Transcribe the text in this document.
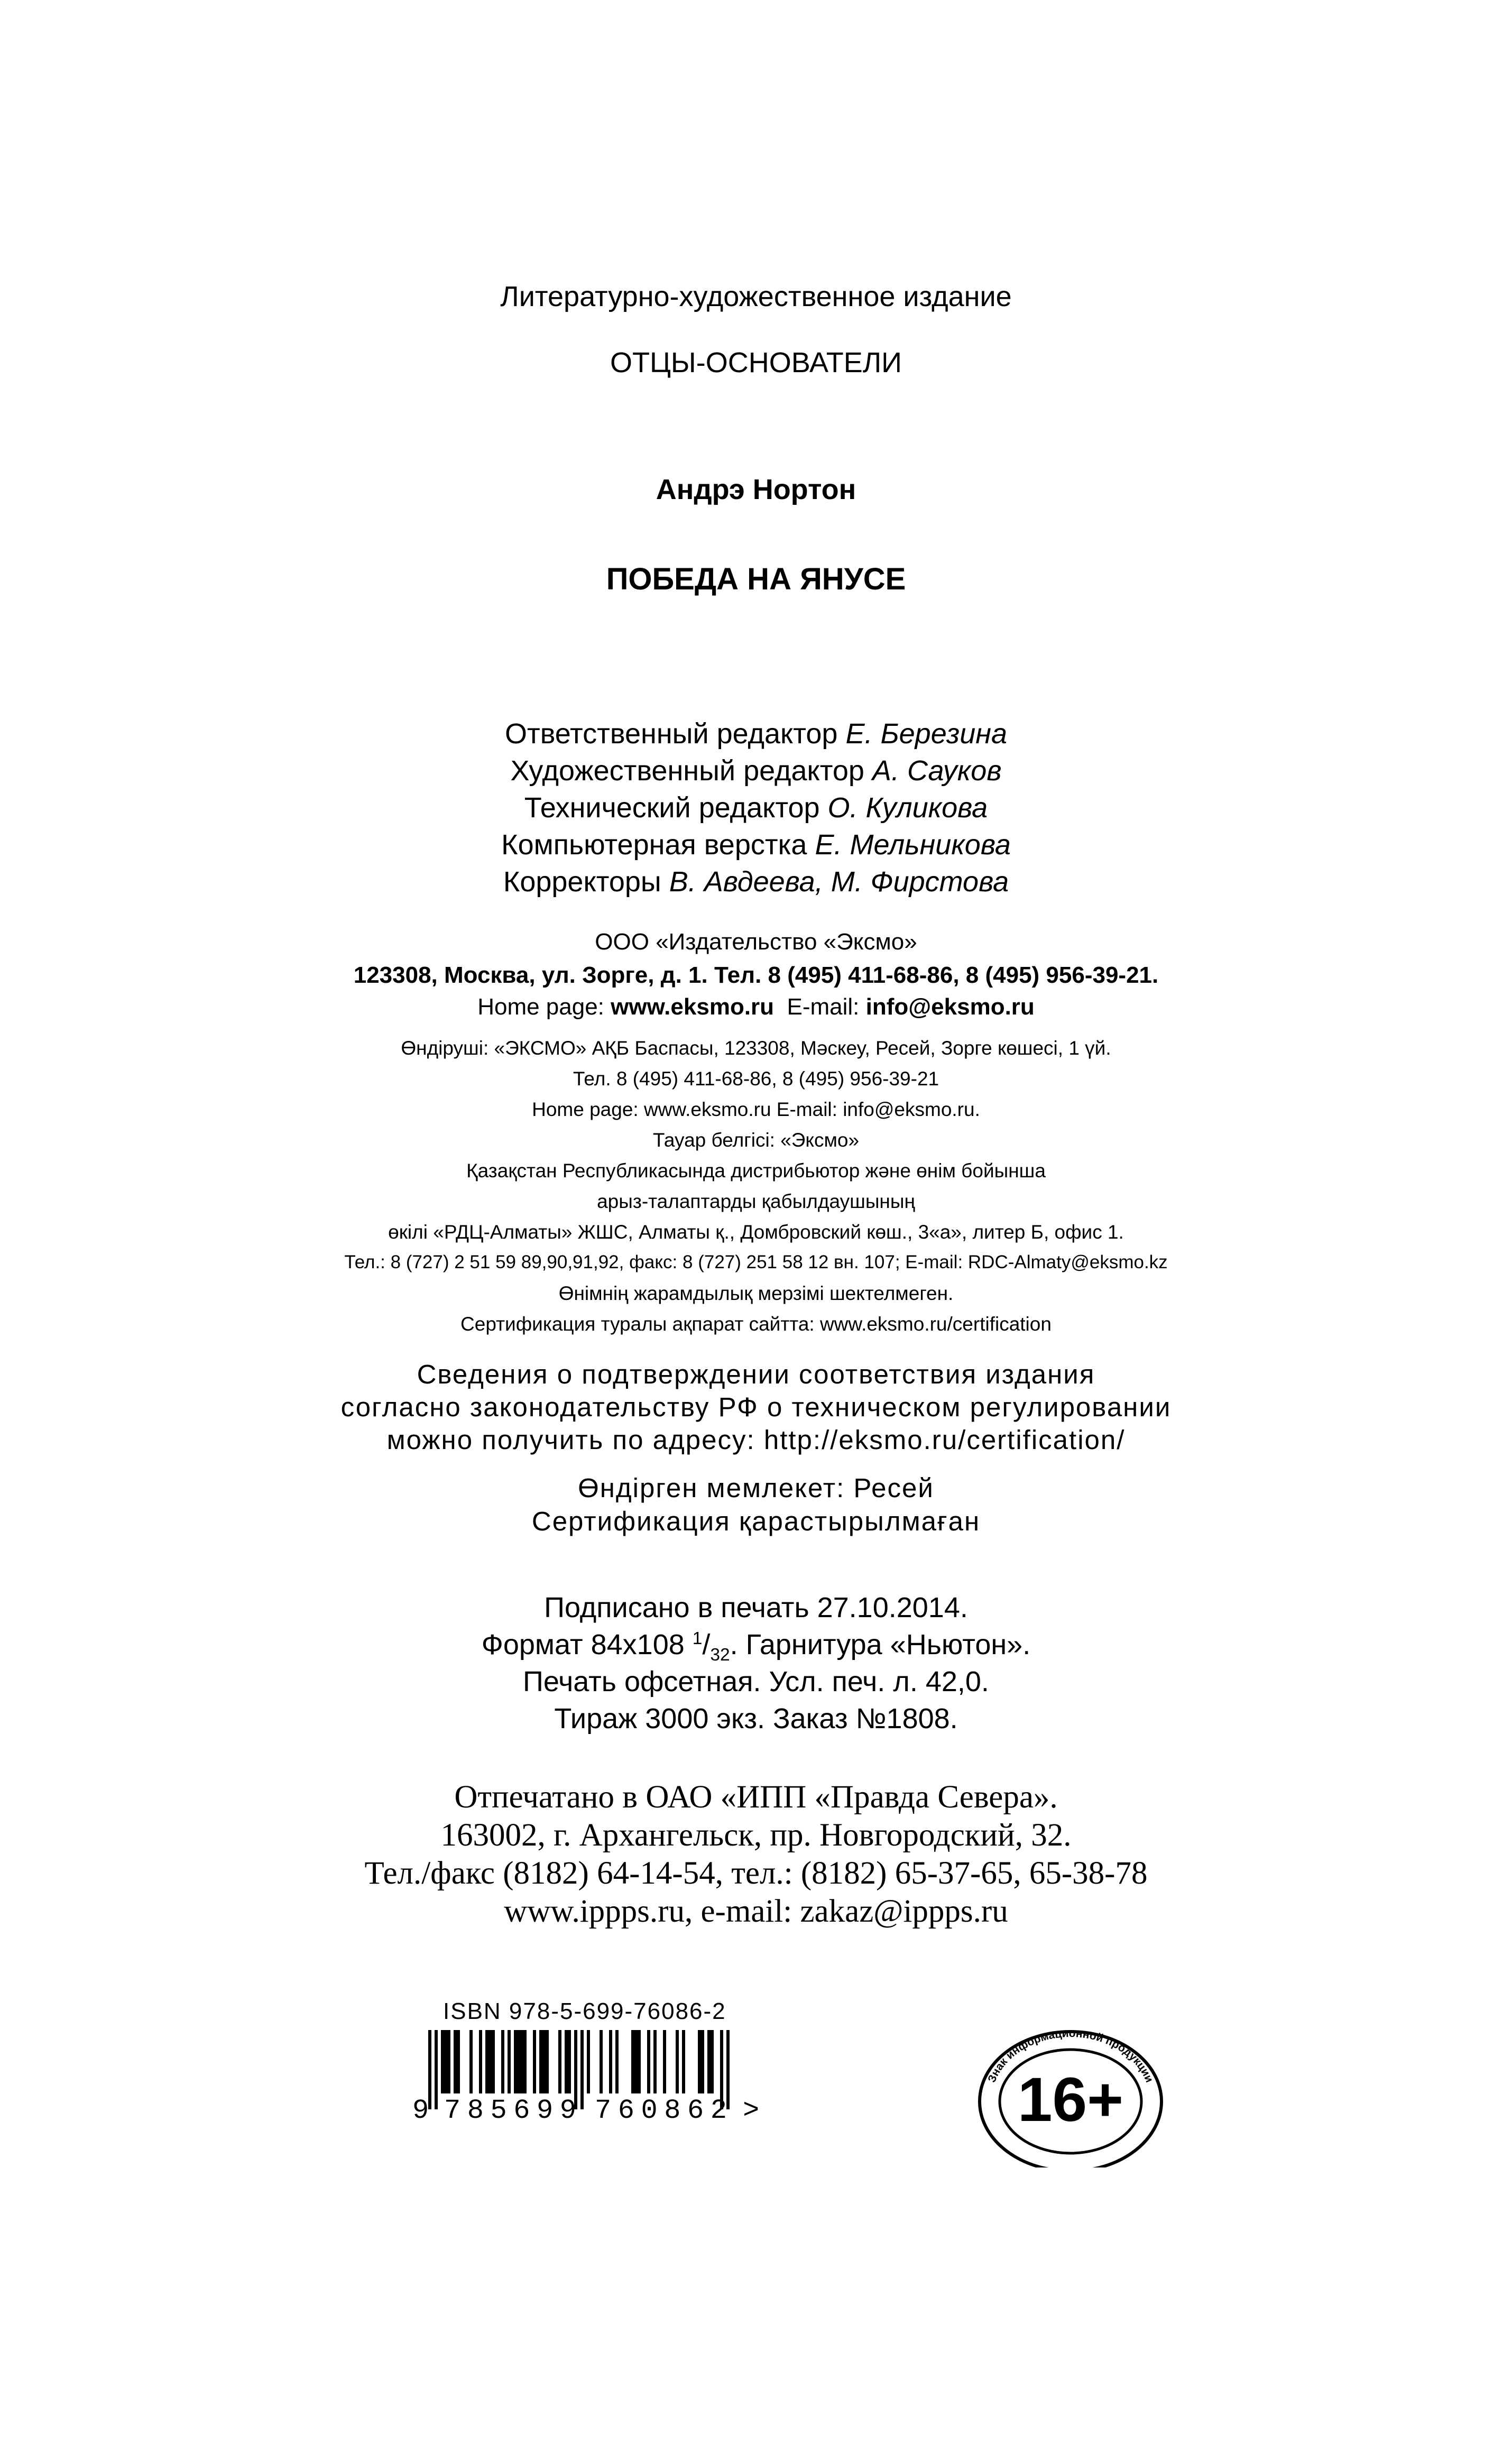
Литературно-художественное издание
ОТЦЫ-ОСНОВАТЕЛИ
Андрэ Нортон
ПОБЕДА НА ЯНУСЕ
Ответственный редактор Е. Березина
Художественный редактор А. Сауков
Технический редактор О. Куликова
Компьютерная верстка Е. Мельникова
Корректоры В. Авдеева, М. Фирстова
ООО «Издательство «Эксмо»
123308, Москва, ул. Зорге, д. 1. Тел. 8 (495) 411-68-86, 8 (495) 956-39-21.
Home page: www.eksmo.ru E-mail: info@eksmo.ru
Өндіруші: «ЭКСМО» АҚБ Баспасы, 123308, Мәскеу, Ресей, Зорге көшесі, 1 үй.
Тел. 8 (495) 411-68-86, 8 (495) 956-39-21
Home page: www.eksmo.ru E-mail: info@eksmo.ru.
Тауар белгісі: «Эксмо»
Қазақстан Республикасында дистрибьютор және өнім бойынша
арыз-талаптарды қабылдаушының
өкілі «РДЦ-Алматы» ЖШС, Алматы қ., Домбровский көш., 3«а», литер Б, офис 1.
Тел.: 8 (727) 2 51 59 89,90,91,92, факс: 8 (727) 251 58 12 вн. 107; E-mail: RDC-Almaty@eksmo.kz
Өнімнің жарамдылық мерзімі шектелмеген.
Сертификация туралы ақпарат сайтта: www.eksmo.ru/certification
Сведения о подтверждении соответствия издания
согласно законодательству РФ о техническом регулировании
можно получить по адресу: http://eksmo.ru/certification/
Өндірген мемлекет: Ресей
Сертификация қарастырылмаған
Подписано в печать 27.10.2014.
Формат 84x108 $^1/_{32}$. Гарнитура «Ньютон».
Печать офсетная. Усл. печ. л. 42,0.
Тираж 3000 экз. Заказ №1808.
Отпечатано в ОАО «ИПП «Правда Севера».
163002, г. Архангельск, пр. Новгородский, 32.
Тел./факс (8182) 64-14-54, тел.: (8182) 65-37-65, 65-38-78
www.ippps.ru, e-mail: zakaz@ippps.ru
ISBN 978-5-699-76086-2
9 785699 760862 >
Знак информационной продукции
16+
